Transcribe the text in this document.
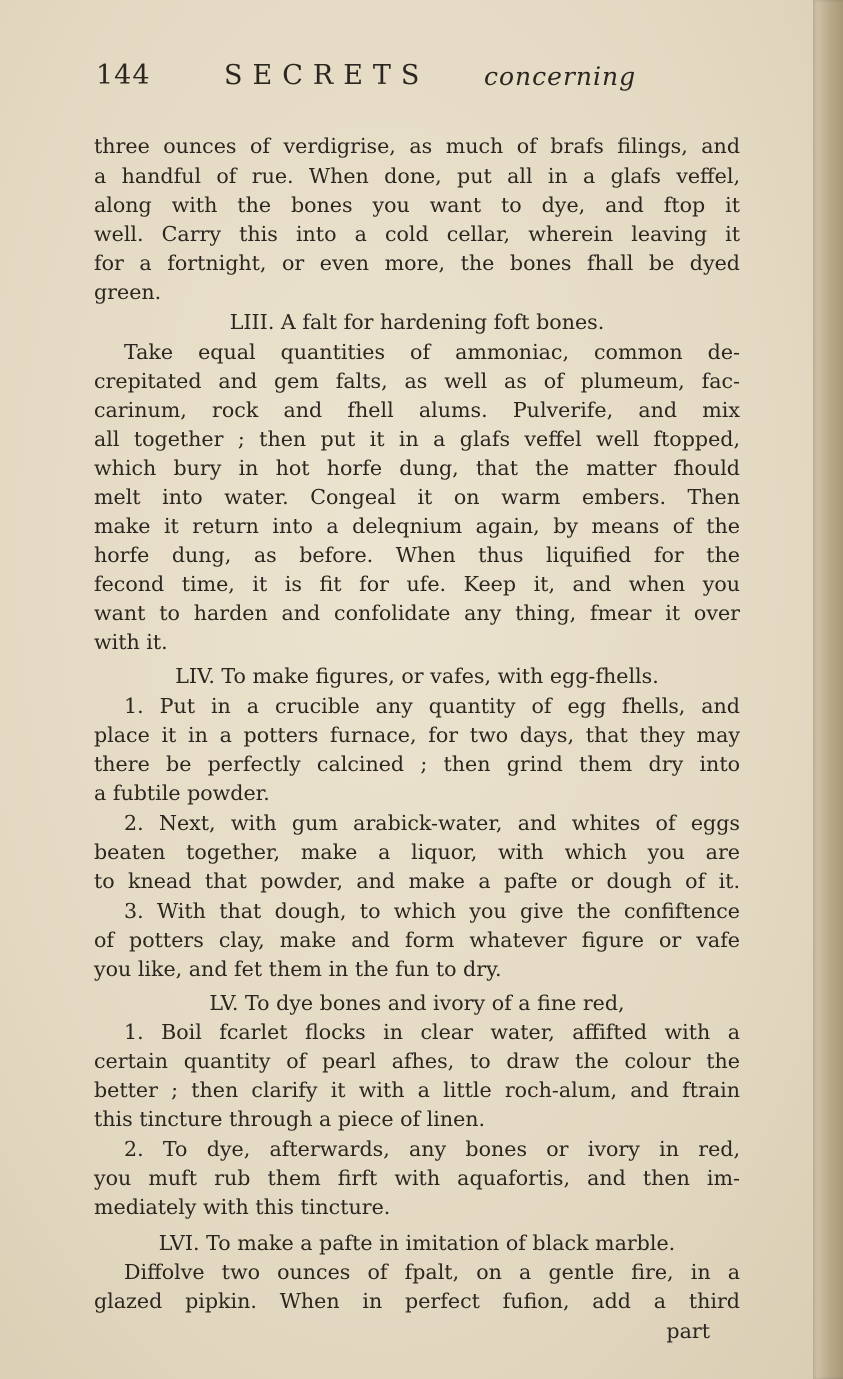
144	SECRETS concerning
three ounces of verdigrise, as much of brafs filings, and
a handful of rue. When done, put all in a glafs veffel,
along with the bones you want to dye, and ftop it
well. Carry this into a cold cellar, wherein leaving it
for a fortnight, or even more, the bones fhall be dyed
green.
LIII. A falt for hardening foft bones.
Take equal quantities of ammoniac, common de-
crepitated and gem falts, as well as of plumeum, fac-
carinum, rock and fhell alums. Pulverife, and mix
all together ; then put it in a glafs veffel well ftopped,
which bury in hot horfe dung, that the matter fhould
melt into water. Congeal it on warm embers. Then
make it return into a deleqnium again, by means of the
horfe dung, as before. When thus liquified for the
fecond time, it is fit for ufe. Keep it, and when you
want to harden and confolidate any thing, fmear it over
with it.
LIV. To make figures, or vafes, with egg-fhells.
1. Put in a crucible any quantity of egg fhells, and
place it in a potters furnace, for two days, that they may
there be perfectly calcined ; then grind them dry into
a fubtile powder.
2. Next, with gum arabick-water, and whites of eggs
beaten together, make a liquor, with which you are
to knead that powder, and make a pafte or dough of it.
3. With that dough, to which you give the confiftence
of potters clay, make and form whatever figure or vafe
you like, and fet them in the fun to dry.
LV. To dye bones and ivory of a fine red,
1. Boil fcarlet flocks in clear water, affifted with a
certain quantity of pearl afhes, to draw the colour the
better ; then clarify it with a little roch-alum, and ftrain
this tincture through a piece of linen.
2. To dye, afterwards, any bones or ivory in red,
you muft rub them firft with aquafortis, and then im-
mediately with this tincture.
LVI. To make a pafte in imitation of black marble.
Diffolve two ounces of fpalt, on a gentle fire, in a
glazed pipkin. When in perfect fufion, add a third
part
